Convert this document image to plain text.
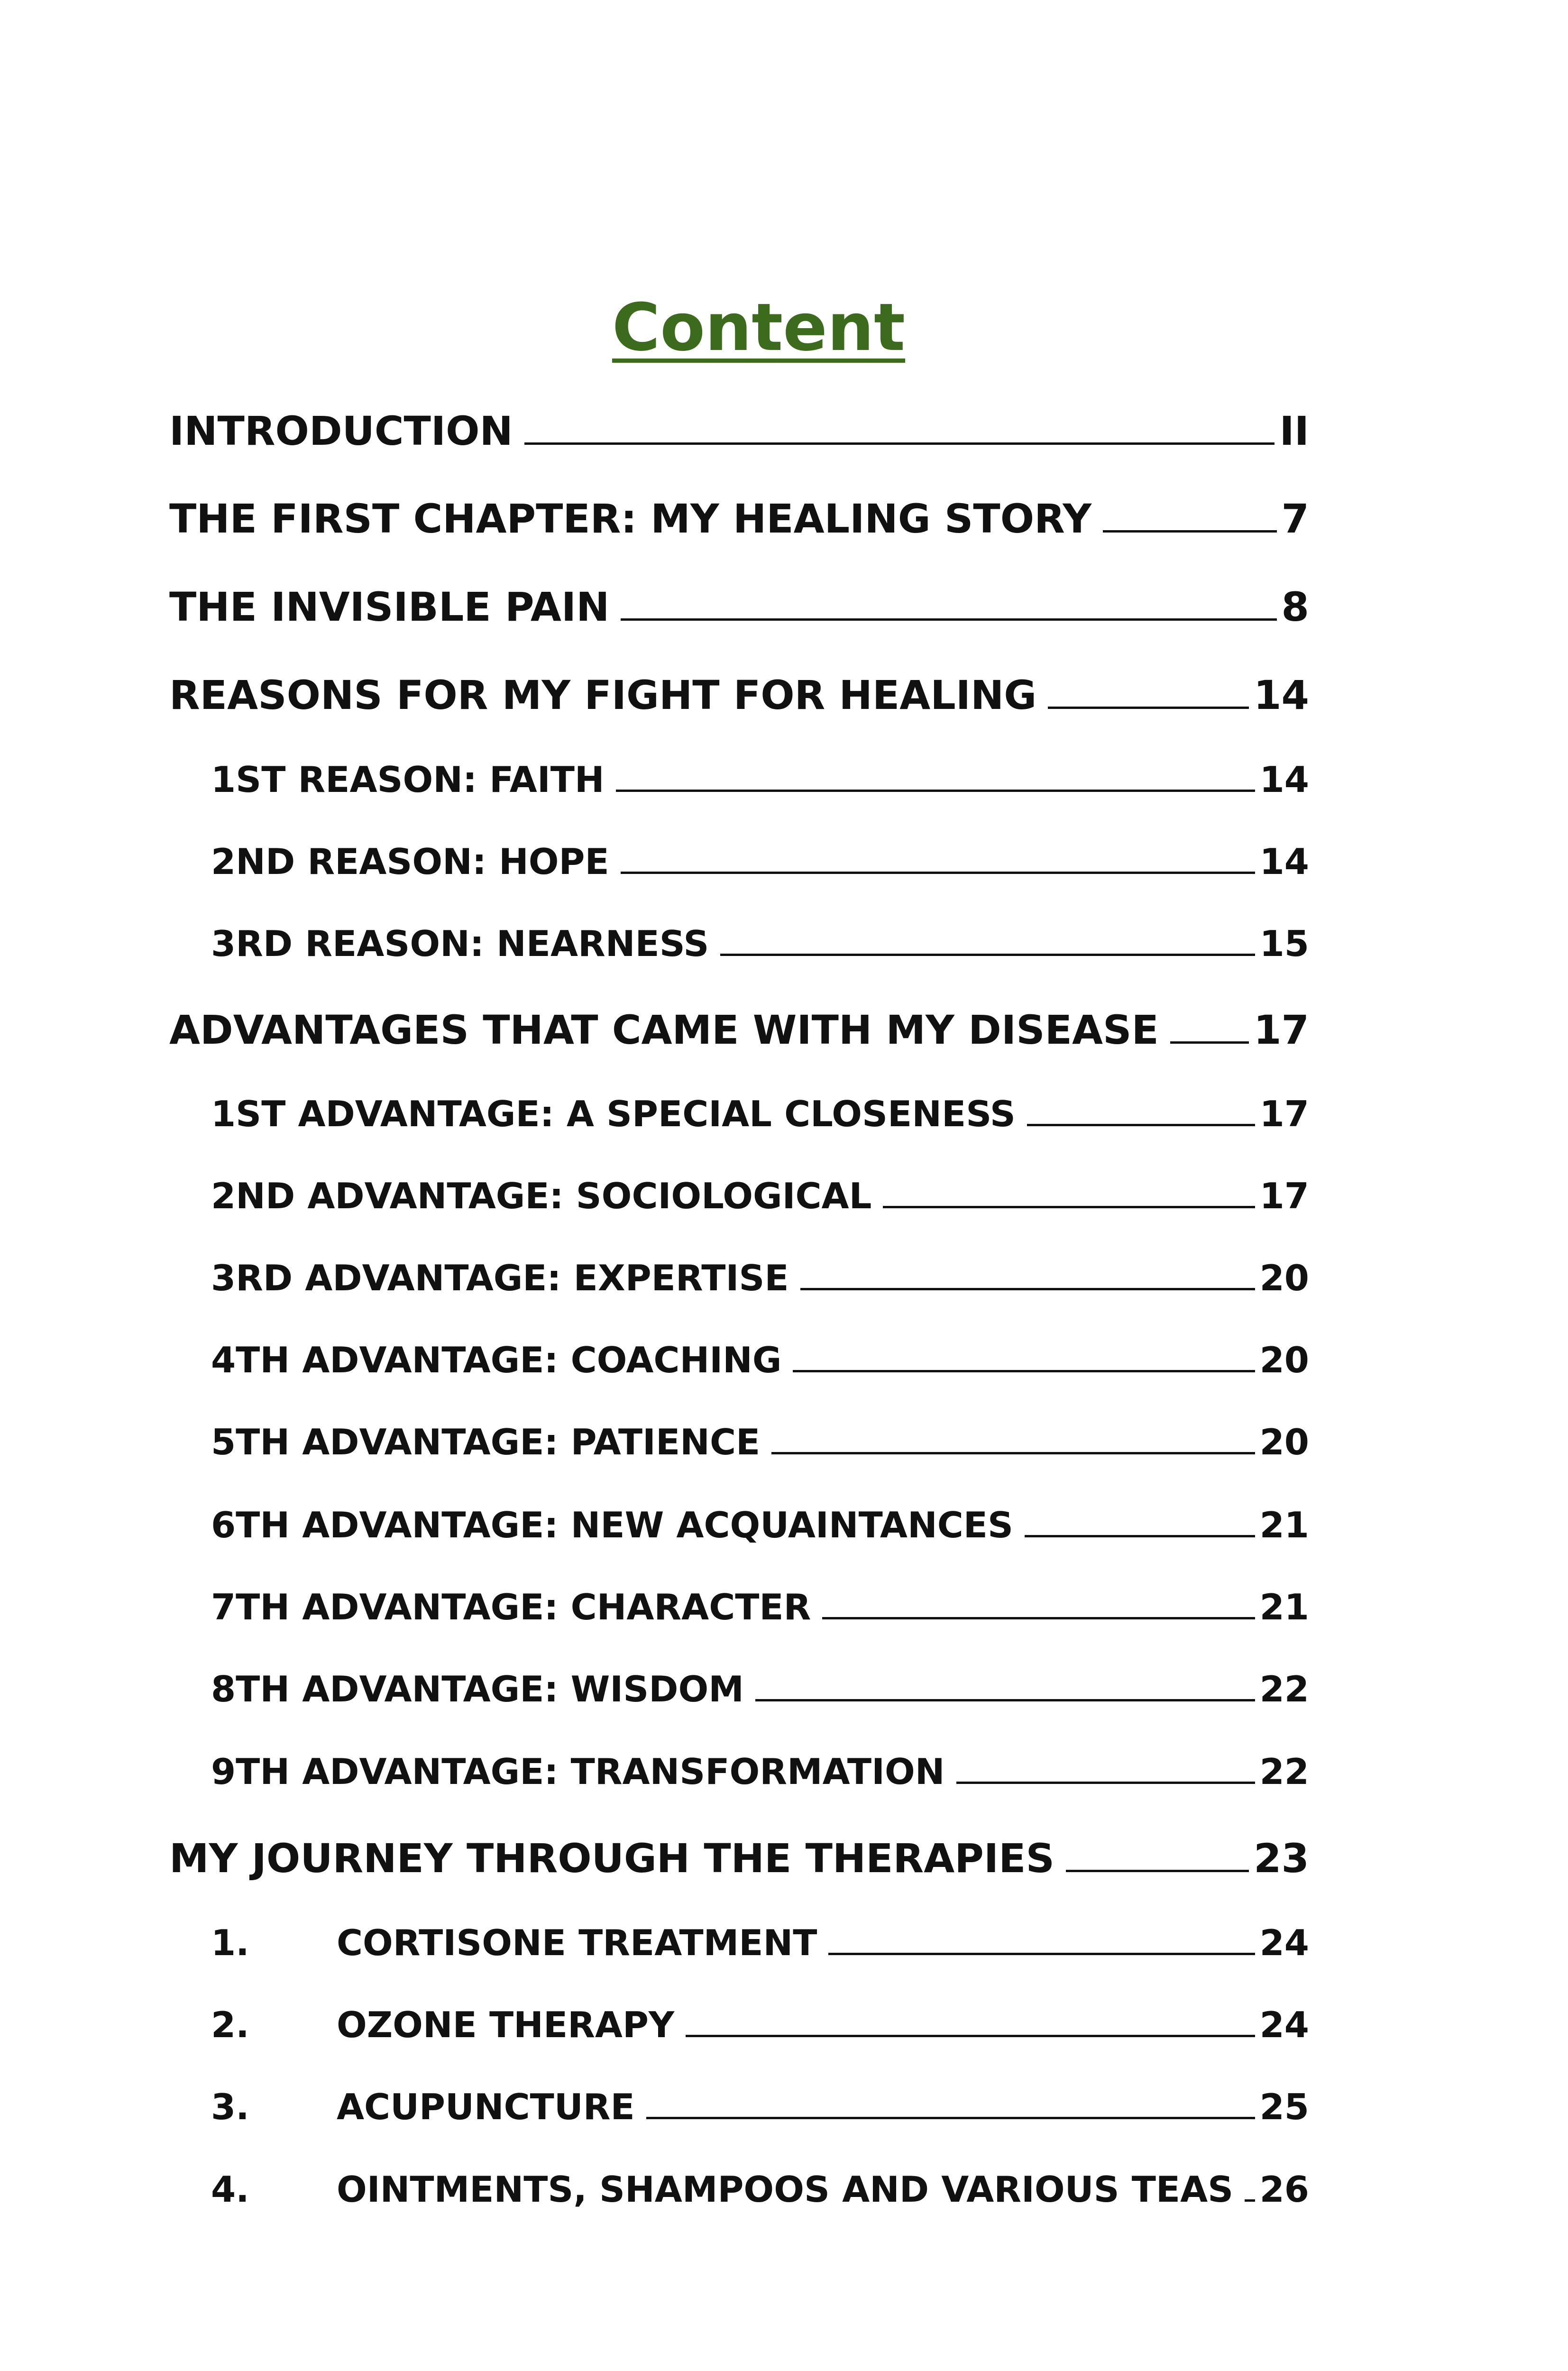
Content
INTRODUCTION	II
THE FIRST CHAPTER: MY HEALING STORY	7
THE INVISIBLE PAIN	8
REASONS FOR MY FIGHT FOR HEALING	14
1ST REASON: FAITH	14
2ND REASON: HOPE	14
3RD REASON: NEARNESS	15
ADVANTAGES THAT CAME WITH MY DISEASE 17
1ST ADVANTAGE: A SPECIAL CLOSENESS	17
2ND ADVANTAGE: SOCIOLOGICAL	17
3RD ADVANTAGE: EXPERTISE	20
4TH ADVANTAGE: COACHING	20
5TH ADVANTAGE: PATIENCE	20
6TH ADVANTAGE: NEW ACQUAINTANCES	21
7TH ADVANTAGE: CHARACTER	21
8TH ADVANTAGE: WISDOM	22
9TH ADVANTAGE: TRANSFORMATION	22
MY JOURNEY THROUGH THE THERAPIES	23
1.	CORTISONE TREATMENT	24
2.	OZONE THERAPY	24
3.	ACUPUNCTURE	25
4.	OINTMENTS, SHAMPOOS AND VARIOUS TEAS 26
